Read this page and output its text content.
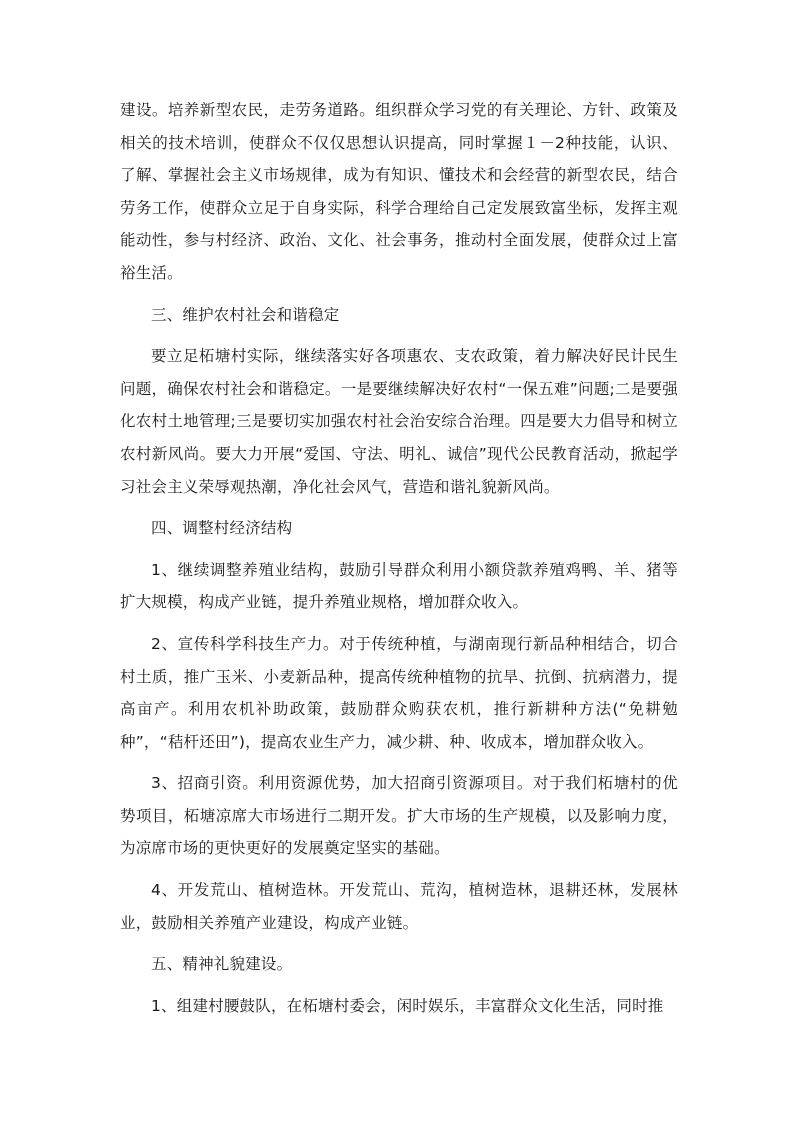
建设。培养新型农民，走劳务道路。组织群众学习党的有关理论、方针、政策及相关的技术培训，使群众不仅仅思想认识提高，同时掌握１－2种技能，认识、了解、掌握社会主义市场规律，成为有知识、懂技术和会经营的新型农民，结合劳务工作，使群众立足于自身实际，科学合理给自己定发展致富坐标，发挥主观能动性，参与村经济、政治、文化、社会事务，推动村全面发展，使群众过上富裕生活。

三、维护农村社会和谐稳定

要立足柘塘村实际，继续落实好各项惠农、支农政策，着力解决好民计民生问题，确保农村社会和谐稳定。一是要继续解决好农村“一保五难”问题;二是要强化农村土地管理;三是要切实加强农村社会治安综合治理。四是要大力倡导和树立农村新风尚。要大力开展“爱国、守法、明礼、诚信”现代公民教育活动，掀起学习社会主义荣辱观热潮，净化社会风气，营造和谐礼貌新风尚。

四、调整村经济结构

1、继续调整养殖业结构，鼓励引导群众利用小额贷款养殖鸡鸭、羊、猪等扩大规模，构成产业链，提升养殖业规格，增加群众收入。

2、宣传科学科技生产力。对于传统种植，与湖南现行新品种相结合，切合村土质，推广玉米、小麦新品种，提高传统种植物的抗旱、抗倒、抗病潜力，提高亩产。利用农机补助政策，鼓励群众购获农机，推行新耕种方法(“免耕勉种”，“秸杆还田”)，提高农业生产力，减少耕、种、收成本，增加群众收入。

3、招商引资。利用资源优势，加大招商引资源项目。对于我们柘塘村的优势项目，柘塘凉席大市场进行二期开发。扩大市场的生产规模，以及影响力度，为凉席市场的更快更好的发展奠定坚实的基础。

4、开发荒山、植树造林。开发荒山、荒沟，植树造林，退耕还林，发展林业，鼓励相关养殖产业建设，构成产业链。

五、精神礼貌建设。

1、组建村腰鼓队，在柘塘村委会，闲时娱乐，丰富群众文化生活，同时推
